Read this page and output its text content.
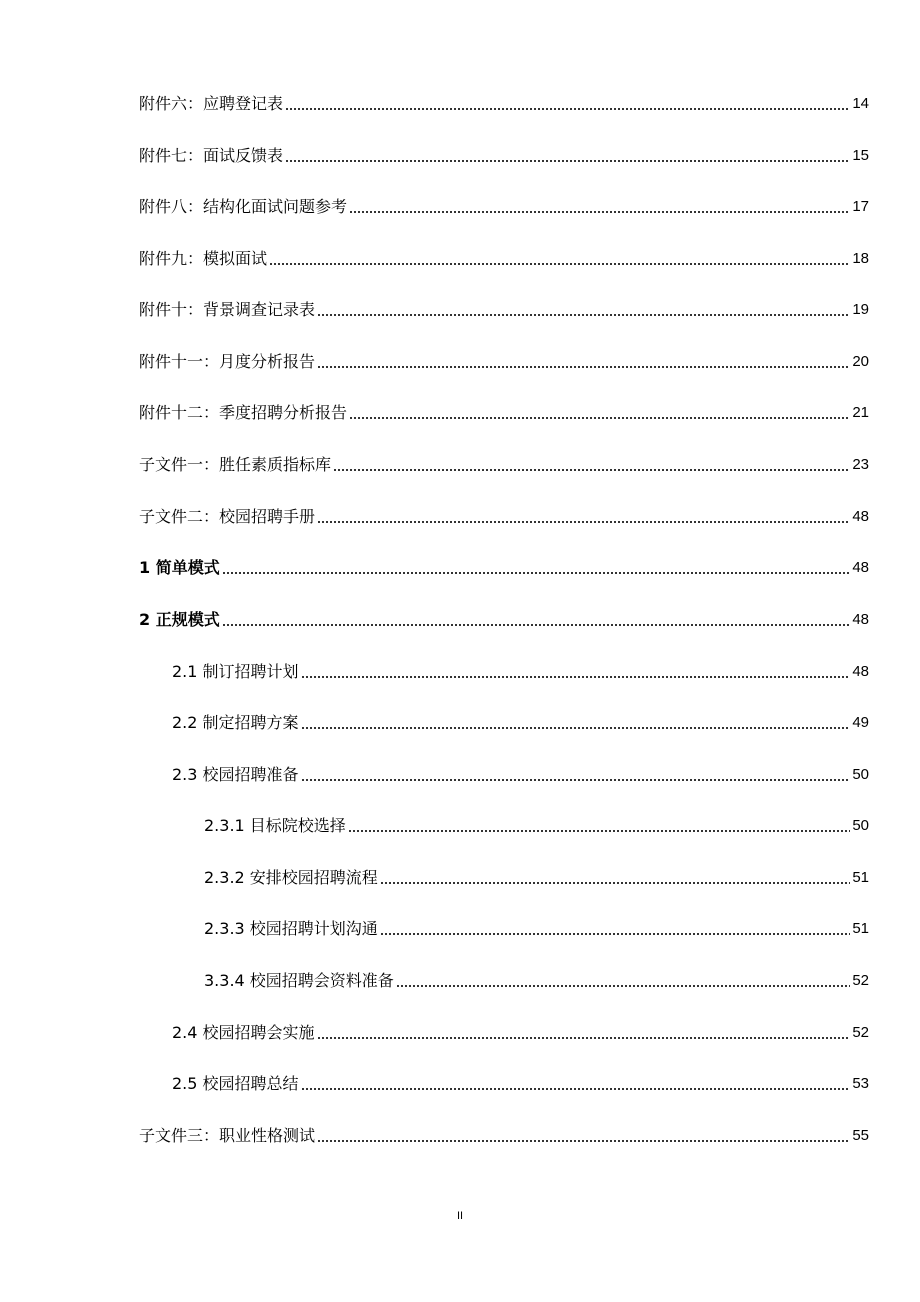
附件六：应聘登记表	14
附件七：面试反馈表	15
附件八：结构化面试问题参考	17
附件九：模拟面试	18
附件十：背景调查记录表	19
附件十一：月度分析报告	20
附件十二：季度招聘分析报告	21
子文件一：胜任素质指标库	23
子文件二：校园招聘手册	48
1 简单模式	48
2 正规模式	48
2.1 制订招聘计划	48
2.2 制定招聘方案	49
2.3 校园招聘准备	50
2.3.1 目标院校选择	50
2.3.2 安排校园招聘流程	51
2.3.3 校园招聘计划沟通	51
3.3.4 校园招聘会资料准备	52
2.4 校园招聘会实施	52
2.5 校园招聘总结	53
子文件三：职业性格测试	55
II
